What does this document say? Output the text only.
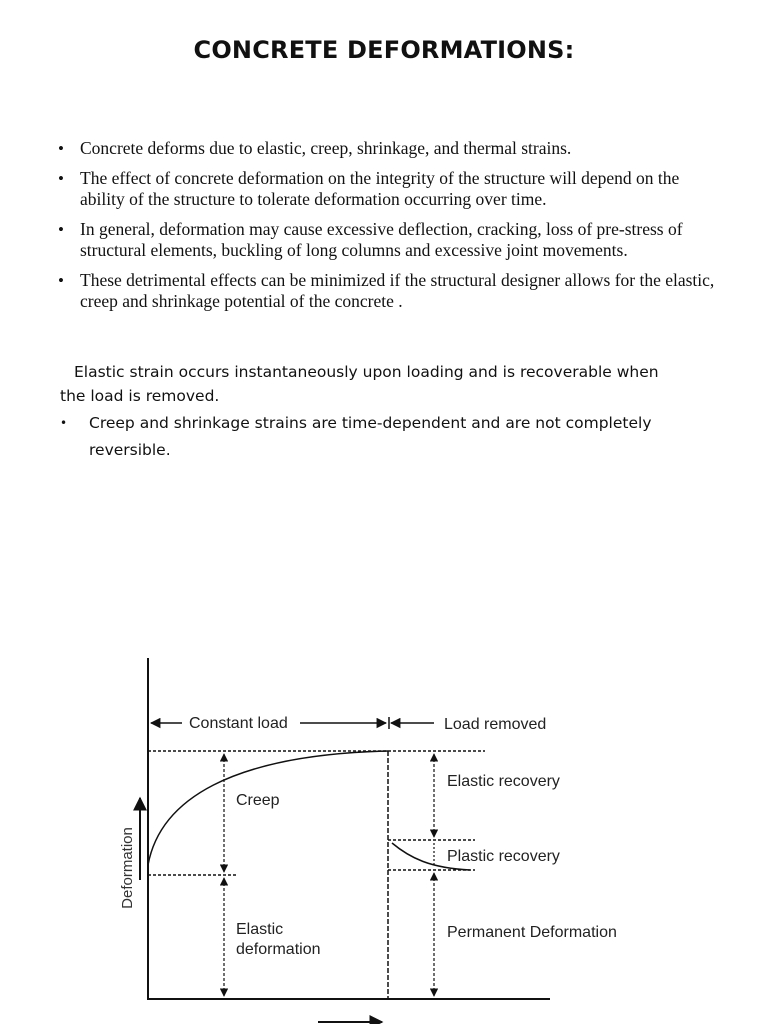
CONCRETE DEFORMATIONS:
• Concrete deforms due to elastic, creep, shrinkage, and thermal strains.
• The effect of concrete deformation on the integrity of the structure will depend on the ability of the structure to tolerate deformation occurring over time.
• In general, deformation may cause excessive deflection, cracking, loss of pre-stress of structural elements, buckling of long columns and excessive joint movements.
• These detrimental effects can be minimized if the structural designer allows for the elastic, creep and shrinkage potential of the concrete .
Elastic strain occurs instantaneously upon loading and is recoverable when the load is removed.
•	Creep and shrinkage strains are time-dependent and are not completely reversible.
Deformation
Constant load	Load removed
Creep
Elastic
deformation
Elastic recovery
Plastic recovery
Permanent Deformation
